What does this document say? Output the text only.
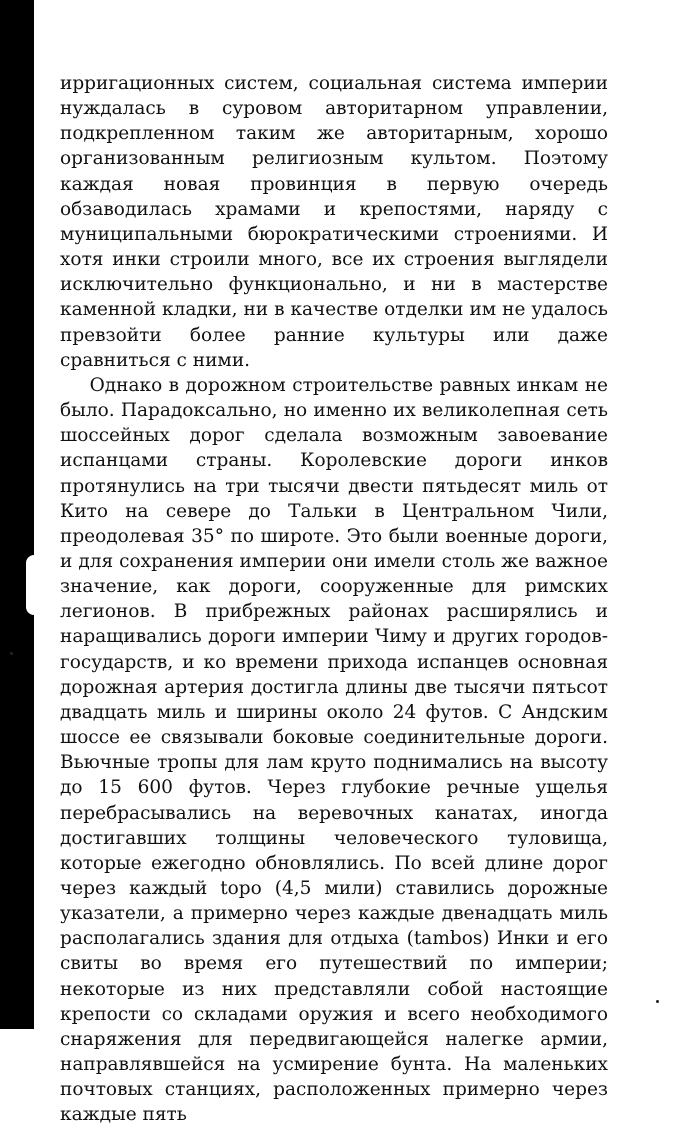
ирригационных систем, социальная система империи нуждалась в суровом авторитарном управлении, подкрепленном таким же авторитарным, хорошо организованным религиозным культом. Поэтому каждая новая провинция в первую очередь обзаводилась храмами и крепостями, наряду с муниципальными бюрократическими строениями. И хотя инки строили много, все их строения выглядели исключительно функционально, и ни в мастерстве каменной кладки, ни в качестве отделки им не удалось превзойти более ранние культуры или даже сравниться с ними.

Однако в дорожном строительстве равных инкам не было. Парадоксально, но именно их великолепная сеть шоссейных дорог сделала возможным завоевание испанцами страны. Королевские дороги инков протянулись на три тысячи двести пятьдесят миль от Кито на севере до Тальки в Центральном Чили, преодолевая 35° по широте. Это были военные дороги, и для сохранения империи они имели столь же важное значение, как дороги, сооруженные для римских легионов. В прибрежных районах расширялись и наращивались дороги империи Чиму и других городов-государств, и ко времени прихода испанцев основная дорожная артерия достигла длины две тысячи пятьсот двадцать миль и ширины около 24 футов. С Андским шоссе ее связывали боковые соединительные дороги. Вьючные тропы для лам круто поднимались на высоту до 15 600 футов. Через глубокие речные ущелья перебрасывались на веревочных канатах, иногда достигавших толщины человеческого туловища, которые ежегодно обновлялись. По всей длине дорог через каждый topo (4,5 мили) ставились дорожные указатели, а примерно через каждые двенадцать миль располагались здания для отдыха (tambos) Инки и его свиты во время его путешествий по империи; некоторые из них представляли собой настоящие крепости со складами оружия и всего необходимого снаряжения для передвигающейся налегке армии, направлявшейся на усмирение бунта. На маленьких почтовых станциях, расположенных примерно через каждые пять
